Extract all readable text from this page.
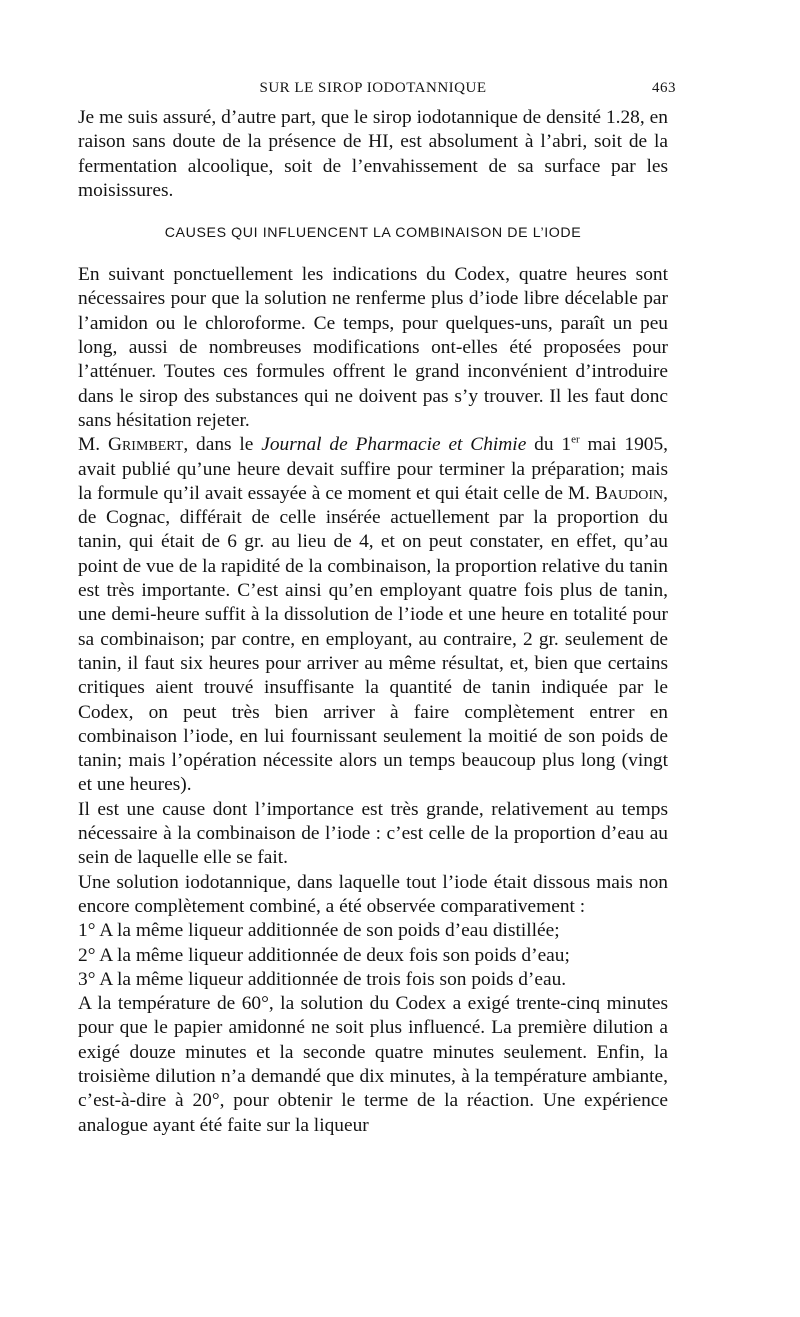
SUR LE SIROP IODOTANNIQUE	463

Je me suis assuré, d’autre part, que le sirop iodotannique de densité 1.28, en raison sans doute de la présence de HI, est absolument à l’abri, soit de la fermentation alcoolique, soit de l’envahissement de sa surface par les moisissures.

CAUSES QUI INFLUENCENT LA COMBINAISON DE L’IODE

En suivant ponctuellement les indications du Codex, quatre heures sont nécessaires pour que la solution ne renferme plus d’iode libre décelable par l’amidon ou le chloroforme. Ce temps, pour quelques-uns, paraît un peu long, aussi de nombreuses modifications ont-elles été proposées pour l’atténuer. Toutes ces formules offrent le grand inconvénient d’introduire dans le sirop des substances qui ne doivent pas s’y trouver. Il les faut donc sans hésitation rejeter.

M. Grimbert, dans le Journal de Pharmacie et Chimie du 1er mai 1905, avait publié qu’une heure devait suffire pour terminer la préparation; mais la formule qu’il avait essayée à ce moment et qui était celle de M. Baudoin, de Cognac, différait de celle insérée actuellement par la proportion du tanin, qui était de 6 gr. au lieu de 4, et on peut constater, en effet, qu’au point de vue de la rapidité de la combinaison, la proportion relative du tanin est très importante. C’est ainsi qu’en employant quatre fois plus de tanin, une demi-heure suffit à la dissolution de l’iode et une heure en totalité pour sa combinaison; par contre, en employant, au contraire, 2 gr. seulement de tanin, il faut six heures pour arriver au même résultat, et, bien que certains critiques aient trouvé insuffisante la quantité de tanin indiquée par le Codex, on peut très bien arriver à faire complètement entrer en combinaison l’iode, en lui fournissant seulement la moitié de son poids de tanin; mais l’opération nécessite alors un temps beaucoup plus long (vingt et une heures).

Il est une cause dont l’importance est très grande, relativement au temps nécessaire à la combinaison de l’iode : c’est celle de la proportion d’eau au sein de laquelle elle se fait.

Une solution iodotannique, dans laquelle tout l’iode était dissous mais non encore complètement combiné, a été observée comparativement :

1° A la même liqueur additionnée de son poids d’eau distillée;

2° A la même liqueur additionnée de deux fois son poids d’eau;

3° A la même liqueur additionnée de trois fois son poids d’eau.

A la température de 60°, la solution du Codex a exigé trente-cinq minutes pour que le papier amidonné ne soit plus influencé. La première dilution a exigé douze minutes et la seconde quatre minutes seulement. Enfin, la troisième dilution n’a demandé que dix minutes, à la température ambiante, c’est-à-dire à 20°, pour obtenir le terme de la réaction. Une expérience analogue ayant été faite sur la liqueur
